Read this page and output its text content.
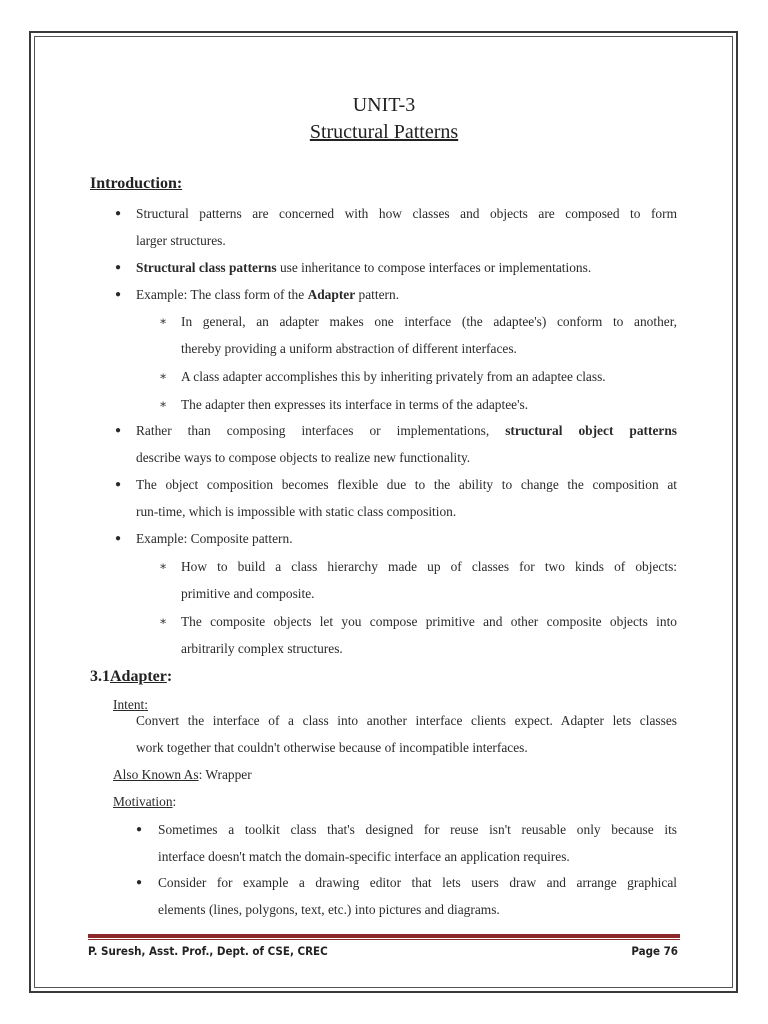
UNIT-3
Structural Patterns
Introduction:
● Structural patterns are concerned with how classes and objects are composed to form
larger structures.
● Structural class patterns use inheritance to compose interfaces or implementations.
● Example: The class form of the Adapter pattern.
∗ In general, an adapter makes one interface (the adaptee's) conform to another,
thereby providing a uniform abstraction of different interfaces.
∗ A class adapter accomplishes this by inheriting privately from an adaptee class.
∗ The adapter then expresses its interface in terms of the adaptee's.
● Rather than composing interfaces or implementations, structural object patterns
describe ways to compose objects to realize new functionality.
● The object composition becomes flexible due to the ability to change the composition at
run-time, which is impossible with static class composition.
● Example: Composite pattern.
∗ How to build a class hierarchy made up of classes for two kinds of objects:
primitive and composite.
∗ The composite objects let you compose primitive and other composite objects into
arbitrarily complex structures.
3.1Adapter:
Intent:
Convert the interface of a class into another interface clients expect. Adapter lets classes
work together that couldn't otherwise because of incompatible interfaces.
Also Known As: Wrapper
Motivation:
● Sometimes a toolkit class that's designed for reuse isn't reusable only because its
interface doesn't match the domain-specific interface an application requires.
● Consider for example a drawing editor that lets users draw and arrange graphical
elements (lines, polygons, text, etc.) into pictures and diagrams.
P. Suresh, Asst. Prof., Dept. of CSE, CREC	Page 76
